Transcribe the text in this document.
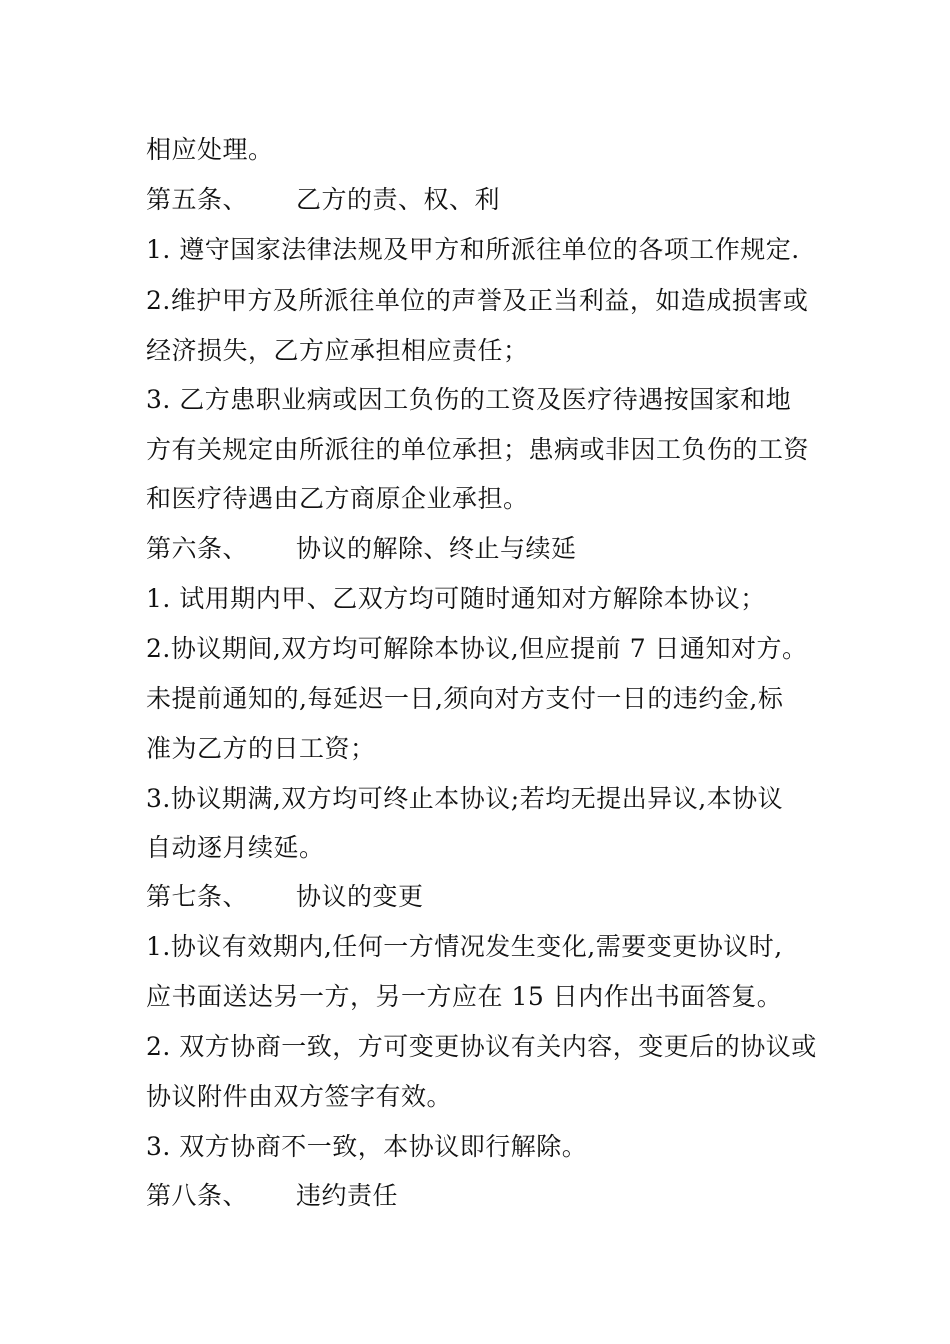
相应处理。
第五条、 乙方的责、权、利
1. 遵守国家法律法规及甲方和所派往单位的各项工作规定.
2.维护甲方及所派往单位的声誉及正当利益，如造成损害或
经济损失，乙方应承担相应责任；
3. 乙方患职业病或因工负伤的工资及医疗待遇按国家和地
方有关规定由所派往的单位承担；患病或非因工负伤的工资
和医疗待遇由乙方商原企业承担。
第六条、 协议的解除、终止与续延
1. 试用期内甲、乙双方均可随时通知对方解除本协议；
2.协议期间,双方均可解除本协议,但应提前 7 日通知对方。
未提前通知的,每延迟一日,须向对方支付一日的违约金,标
准为乙方的日工资；
3.协议期满,双方均可终止本协议;若均无提出异议,本协议
自动逐月续延。
第七条、 协议的变更
1.协议有效期内,任何一方情况发生变化,需要变更协议时,
应书面送达另一方，另一方应在 15 日内作出书面答复。
2. 双方协商一致，方可变更协议有关内容，变更后的协议或
协议附件由双方签字有效。
3. 双方协商不一致，本协议即行解除。
第八条、 违约责任
